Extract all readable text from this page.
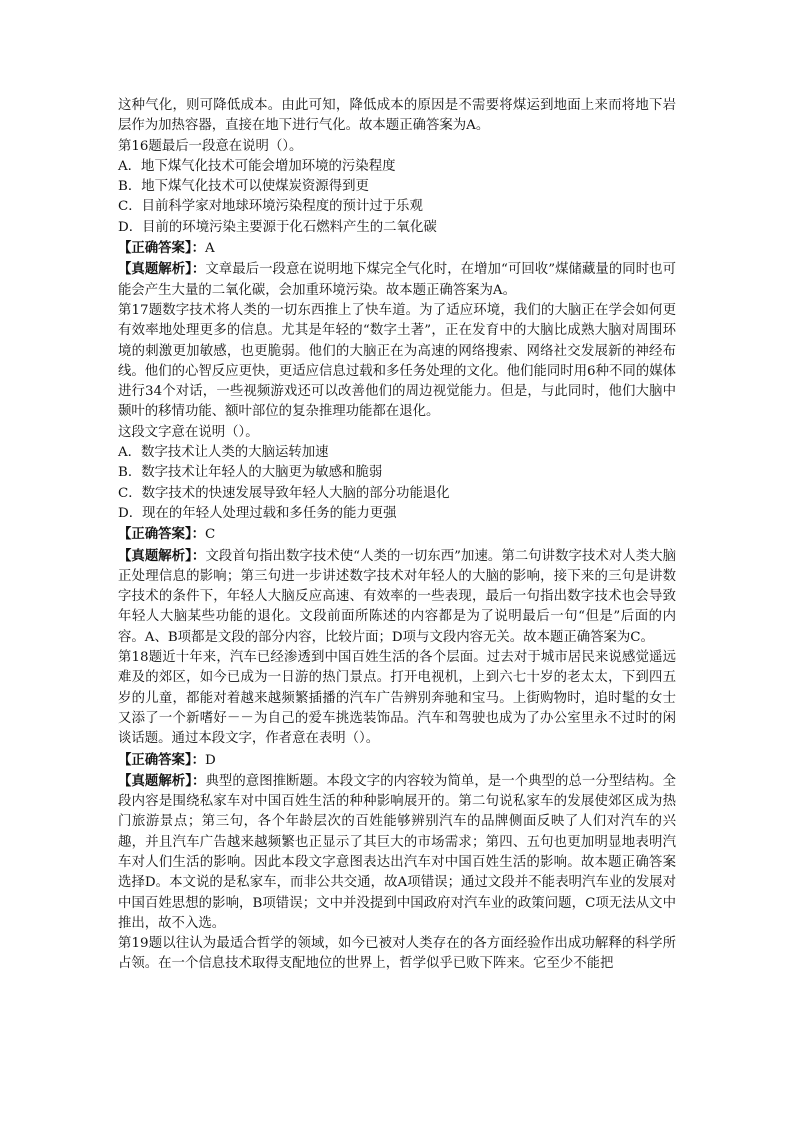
这种气化，则可降低成本。由此可知，降低成本的原因是不需要将煤运到地面上来而将地下岩层作为加热容器，直接在地下进行气化。故本题正确答案为A。

第16题最后一段意在说明（）。

A．地下煤气化技术可能会增加环境的污染程度

B．地下煤气化技术可以使煤炭资源得到更

C．目前科学家对地球环境污染程度的预计过于乐观

D．目前的环境污染主要源于化石燃料产生的二氧化碳

【正确答案】：A

【真题解析】：文章最后一段意在说明地下煤完全气化时，在增加“可回收”煤储藏量的同时也可能会产生大量的二氧化碳，会加重环境污染。故本题正确答案为A。

第17题数字技术将人类的一切东西推上了快车道。为了适应环境，我们的大脑正在学会如何更有效率地处理更多的信息。尤其是年轻的“数字土著”，正在发育中的大脑比成熟大脑对周围环境的刺激更加敏感，也更脆弱。他们的大脑正在为高速的网络搜索、网络社交发展新的神经布线。他们的心智反应更快，更适应信息过载和多任务处理的文化。他们能同时用6种不同的媒体进行34个对话，一些视频游戏还可以改善他们的周边视觉能力。但是，与此同时，他们大脑中颞叶的移情功能、额叶部位的复杂推理功能都在退化。

这段文字意在说明（）。

A．数字技术让人类的大脑运转加速

B．数字技术让年轻人的大脑更为敏感和脆弱

C．数字技术的快速发展导致年轻人大脑的部分功能退化

D．现在的年轻人处理过载和多任务的能力更强

【正确答案】：C

【真题解析】：文段首句指出数字技术使“人类的一切东西”加速。第二句讲数字技术对人类大脑正处理信息的影响；第三句进一步讲述数字技术对年轻人的大脑的影响，接下来的三句是讲数字技术的条件下，年轻人大脑反应高速、有效率的一些表现，最后一句指出数字技术也会导致年轻人大脑某些功能的退化。文段前面所陈述的内容都是为了说明最后一句“但是”后面的内容。A、B项都是文段的部分内容，比较片面；D项与文段内容无关。故本题正确答案为C。

第18题近十年来，汽车已经渗透到中国百姓生活的各个层面。过去对于城市居民来说感觉遥远难及的郊区，如今已成为一日游的热门景点。打开电视机，上到六七十岁的老太太，下到四五岁的儿童，都能对着越来越频繁插播的汽车广告辨别奔驰和宝马。上街购物时，追时髦的女士又添了一个新嗜好－－为自己的爱车挑选装饰品。汽车和驾驶也成为了办公室里永不过时的闲谈话题。通过本段文字，作者意在表明（）。

【正确答案】：D

【真题解析】：典型的意图推断题。本段文字的内容较为简单，是一个典型的总一分型结构。全段内容是围绕私家车对中国百姓生活的种种影响展开的。第二句说私家车的发展使郊区成为热门旅游景点；第三句，各个年龄层次的百姓能够辨别汽车的品牌侧面反映了人们对汽车的兴趣，并且汽车广告越来越频繁也正显示了其巨大的市场需求；第四、五句也更加明显地表明汽车对人们生活的影响。因此本段文字意图表达出汽车对中国百姓生活的影响。故本题正确答案选择D。本文说的是私家车，而非公共交通，故A项错误；通过文段并不能表明汽车业的发展对中国百姓思想的影响，B项错误；文中并没提到中国政府对汽车业的政策问题，C项无法从文中推出，故不入选。

第19题以往认为最适合哲学的领域，如今已被对人类存在的各方面经验作出成功解释的科学所占领。在一个信息技术取得支配地位的世界上，哲学似乎已败下阵来。它至少不能把
